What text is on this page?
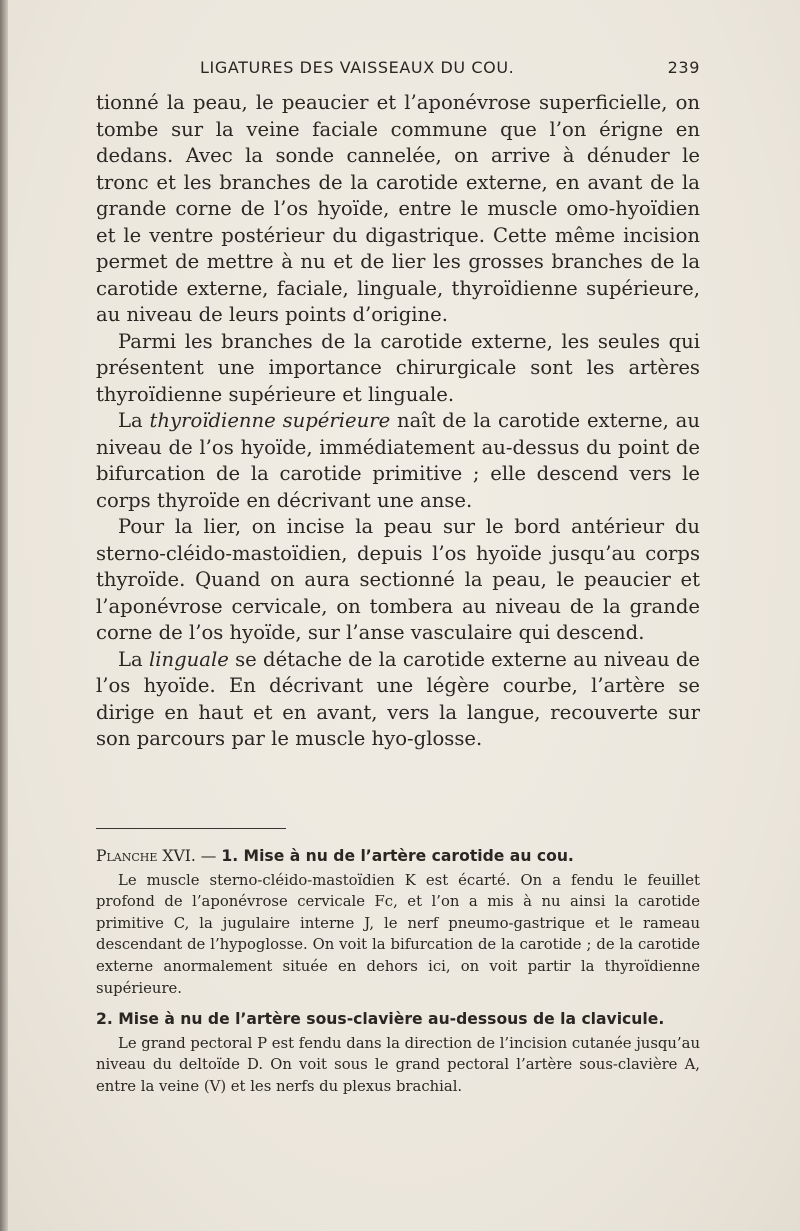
LIGATURES DES VAISSEAUX DU COU.	239

tionné la peau, le peaucier et l’aponévrose superficielle, on tombe sur la veine faciale commune que l’on érigne en dedans. Avec la sonde cannelée, on arrive à dénuder le tronc et les branches de la carotide externe, en avant de la grande corne de l’os hyoïde, entre le muscle omo-hyoïdien et le ventre postérieur du digastrique. Cette même incision permet de mettre à nu et de lier les grosses branches de la carotide externe, faciale, linguale, thyroïdienne supérieure, au niveau de leurs points d’origine.

Parmi les branches de la carotide externe, les seules qui présentent une importance chirurgicale sont les artères thyroïdienne supérieure et linguale.

La thyroïdienne supérieure naît de la carotide externe, au niveau de l’os hyoïde, immédiatement au-dessus du point de bifurcation de la carotide primitive ; elle descend vers le corps thyroïde en décrivant une anse.

Pour la lier, on incise la peau sur le bord antérieur du sterno-cléido-mastoïdien, depuis l’os hyoïde jusqu’au corps thyroïde. Quand on aura sectionné la peau, le peaucier et l’aponévrose cervicale, on tombera au niveau de la grande corne de l’os hyoïde, sur l’anse vasculaire qui descend.

La linguale se détache de la carotide externe au niveau de l’os hyoïde. En décrivant une légère courbe, l’artère se dirige en haut et en avant, vers la langue, recouverte sur son parcours par le muscle hyo-glosse.

Planche XVI. — 1. Mise à nu de l’artère carotide au cou.

Le muscle sterno-cléido-mastoïdien K est écarté. On a fendu le feuillet profond de l’aponévrose cervicale Fc, et l’on a mis à nu ainsi la carotide primitive C, la jugulaire interne J, le nerf pneumo-gastrique et le rameau descendant de l’hypoglosse. On voit la bifurcation de la carotide ; de la carotide externe anormalement située en dehors ici, on voit partir la thyroïdienne supérieure.

2. Mise à nu de l’artère sous-clavière au-dessous de la clavicule.

Le grand pectoral P est fendu dans la direction de l’incision cutanée jusqu’au niveau du deltoïde D. On voit sous le grand pectoral l’artère sous-clavière A, entre la veine (V) et les nerfs du plexus brachial.
